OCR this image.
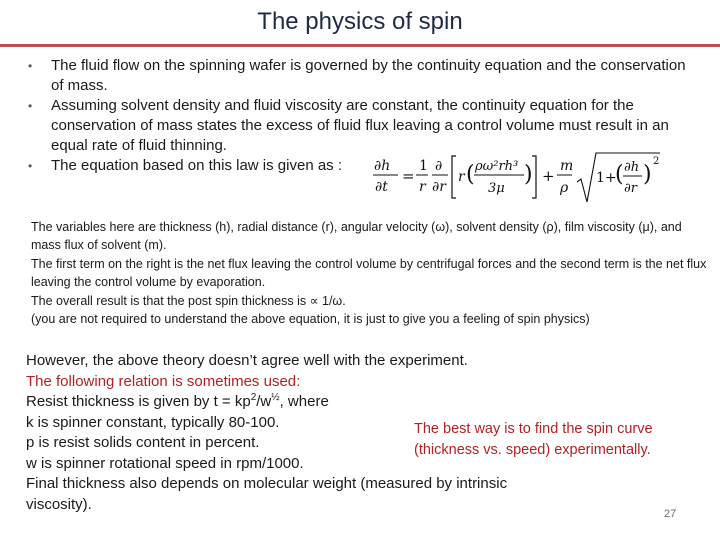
The physics of spin
• The fluid flow on the spinning wafer is governed by the continuity equation and the conservation of mass.
• Assuming solvent density and fluid viscosity are constant, the continuity equation for the conservation of mass states the excess of fluid flux leaving a control volume must result in an equal rate of fluid thinning.
• The equation based on this law is given as :	∂h
∂t
=
1
r
∂
∂r
r ( ρω²rh³
3μ
) +
m
ρ
1+
( ∂h
∂r
)
2
The variables here are thickness (h), radial distance (r), angular velocity (ω), solvent density (ρ), film viscosity (μ), and mass flux of solvent (m).
The first term on the right is the net flux leaving the control volume by centrifugal forces and the second term is the net flux leaving the control volume by evaporation.
The overall result is that the post spin thickness is ∝ 1/ω.
(you are not required to understand the above equation, it is just to give you a feeling of spin physics)
However, the above theory doesn’t agree well with the experiment.
The following relation is sometimes used:
Resist thickness is given by $t = kp^2/w^{\frac{1}{2}}$, where
k is spinner constant, typically 80-100.
p is resist solids content in percent.
w is spinner rotational speed in rpm/1000.
Final thickness also depends on molecular weight (measured by intrinsic viscosity).
The best way is to find the spin curve (thickness vs. speed) experimentally.
27
